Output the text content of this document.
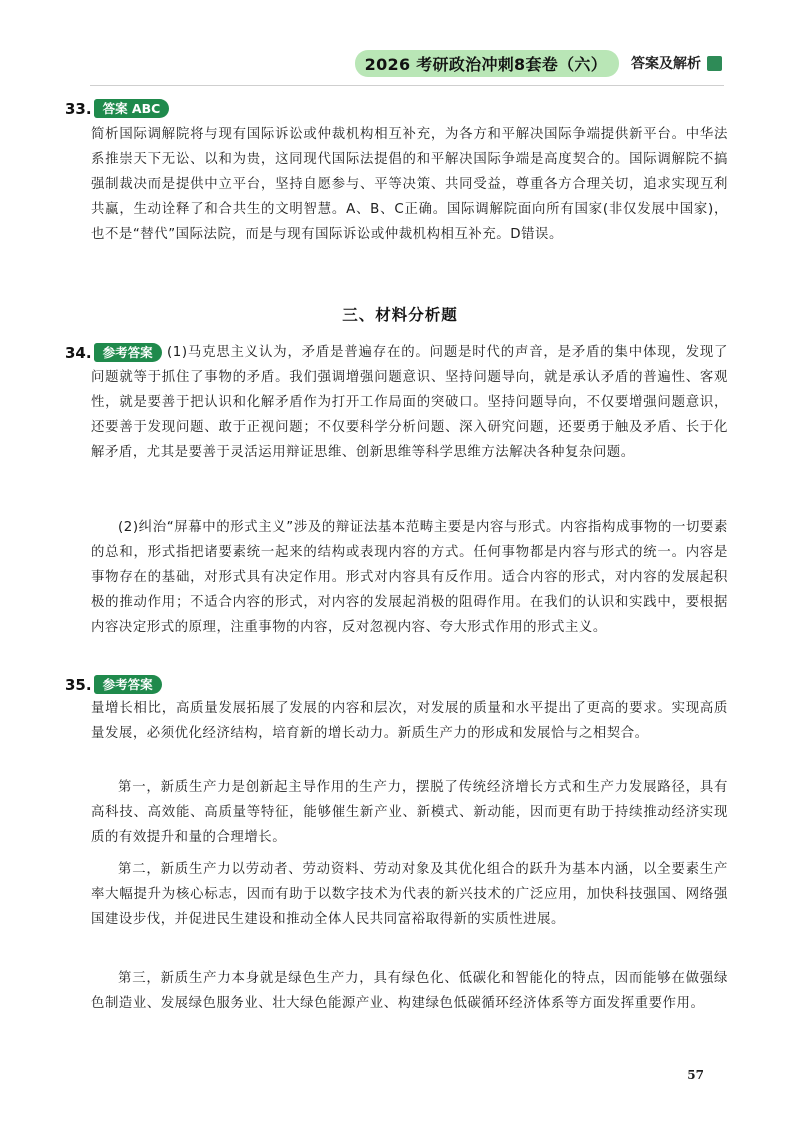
2026 考研政治冲刺8套卷（六）	答案及解析
33. 答案 ABC

简析国际调解院将与现有国际诉讼或仲裁机构相互补充，为各方和平解决国际争端提供新平台。中华法系推崇天下无讼、以和为贵，这同现代国际法提倡的和平解决国际争端是高度契合的。国际调解院不搞强制裁决而是提供中立平台，坚持自愿参与、平等决策、共同受益，尊重各方合理关切，追求实现互利共赢，生动诠释了和合共生的文明智慧。A、B、C正确。国际调解院面向所有国家(非仅发展中国家)，也不是“替代”国际法院，而是与现有国际诉讼或仲裁机构相互补充。D错误。

三、材料分析题
34. 参考答案	(1)马克思主义认为，矛盾是普遍存在的。问题是时代的声音，是矛盾的集中体现，发现了问题就等于抓住了事物的矛盾。我们强调增强问题意识、坚持问题导向，就是承认矛盾的普遍性、客观性，就是要善于把认识和化解矛盾作为打开工作局面的突破口。坚持问题导向，不仅要增强问题意识，还要善于发现问题、敢于正视问题；不仅要科学分析问题、深入研究问题，还要勇于触及矛盾、长于化解矛盾，尤其是要善于灵活运用辩证思维、创新思维等科学思维方法解决各种复杂问题。

(2)纠治“屏幕中的形式主义”涉及的辩证法基本范畴主要是内容与形式。内容指构成事物的一切要素的总和，形式指把诸要素统一起来的结构或表现内容的方式。任何事物都是内容与形式的统一。内容是事物存在的基础，对形式具有决定作用。形式对内容具有反作用。适合内容的形式，对内容的发展起积极的推动作用；不适合内容的形式，对内容的发展起消极的阻碍作用。在我们的认识和实践中，要根据内容决定形式的原理，注重事物的内容，反对忽视内容、夸大形式作用的形式主义。

35. 参考答案

量增长相比，高质量发展拓展了发展的内容和层次，对发展的质量和水平提出了更高的要求。实现高质量发展，必须优化经济结构，培育新的增长动力。新质生产力的形成和发展恰与之相契合。

第一，新质生产力是创新起主导作用的生产力，摆脱了传统经济增长方式和生产力发展路径，具有高科技、高效能、高质量等特征，能够催生新产业、新模式、新动能，因而更有助于持续推动经济实现质的有效提升和量的合理增长。

第二，新质生产力以劳动者、劳动资料、劳动对象及其优化组合的跃升为基本内涵，以全要素生产率大幅提升为核心标志，因而有助于以数字技术为代表的新兴技术的广泛应用，加快科技强国、网络强国建设步伐，并促进民生建设和推动全体人民共同富裕取得新的实质性进展。

第三，新质生产力本身就是绿色生产力，具有绿色化、低碳化和智能化的特点，因而能够在做强绿色制造业、发展绿色服务业、壮大绿色能源产业、构建绿色低碳循环经济体系等方面发挥重要作用。

57
